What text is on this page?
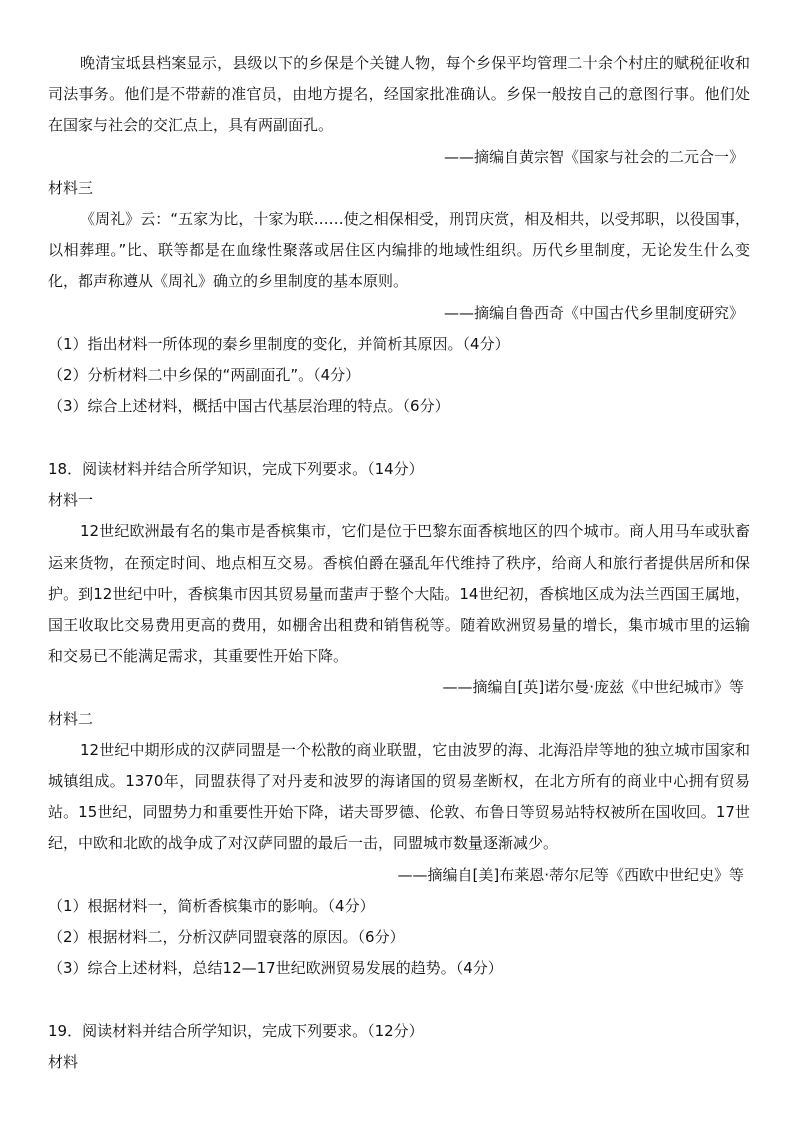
晚清宝坻县档案显示，县级以下的乡保是个关键人物，每个乡保平均管理二十余个村庄的赋税征收和司法事务。他们是不带薪的准官员，由地方提名，经国家批准确认。乡保一般按自己的意图行事。他们处在国家与社会的交汇点上，具有两副面孔。

——摘编自黄宗智《国家与社会的二元合一》

材料三

《周礼》云：“五家为比，十家为联……使之相保相受，刑罚庆赏，相及相共，以受邦职，以役国事，以相葬理。”比、联等都是在血缘性聚落或居住区内编排的地域性组织。历代乡里制度，无论发生什么变化，都声称遵从《周礼》确立的乡里制度的基本原则。

——摘编自鲁西奇《中国古代乡里制度研究》

（1）指出材料一所体现的秦乡里制度的变化，并简析其原因。（4分）

（2）分析材料二中乡保的“两副面孔”。（4分）

（3）综合上述材料，概括中国古代基层治理的特点。（6分）

18．阅读材料并结合所学知识，完成下列要求。（14分）

材料一

12世纪欧洲最有名的集市是香槟集市，它们是位于巴黎东面香槟地区的四个城市。商人用马车或驮畜运来货物，在预定时间、地点相互交易。香槟伯爵在骚乱年代维持了秩序，给商人和旅行者提供居所和保护。到12世纪中叶，香槟集市因其贸易量而蜚声于整个大陆。14世纪初，香槟地区成为法兰西国王属地，国王收取比交易费用更高的费用，如棚舍出租费和销售税等。随着欧洲贸易量的增长，集市城市里的运输和交易已不能满足需求，其重要性开始下降。

——摘编自[英]诺尔曼·庞兹《中世纪城市》等

材料二

12世纪中期形成的汉萨同盟是一个松散的商业联盟，它由波罗的海、北海沿岸等地的独立城市国家和城镇组成。1370年，同盟获得了对丹麦和波罗的海诸国的贸易垄断权，在北方所有的商业中心拥有贸易站。15世纪，同盟势力和重要性开始下降，诺夫哥罗德、伦敦、布鲁日等贸易站特权被所在国收回。17世纪，中欧和北欧的战争成了对汉萨同盟的最后一击，同盟城市数量逐渐减少。

——摘编自[美]布莱恩·蒂尔尼等《西欧中世纪史》等

（1）根据材料一，简析香槟集市的影响。（4分）

（2）根据材料二，分析汉萨同盟衰落的原因。（6分）

（3）综合上述材料，总结12—17世纪欧洲贸易发展的趋势。（4分）

19．阅读材料并结合所学知识，完成下列要求。（12分）

材料
